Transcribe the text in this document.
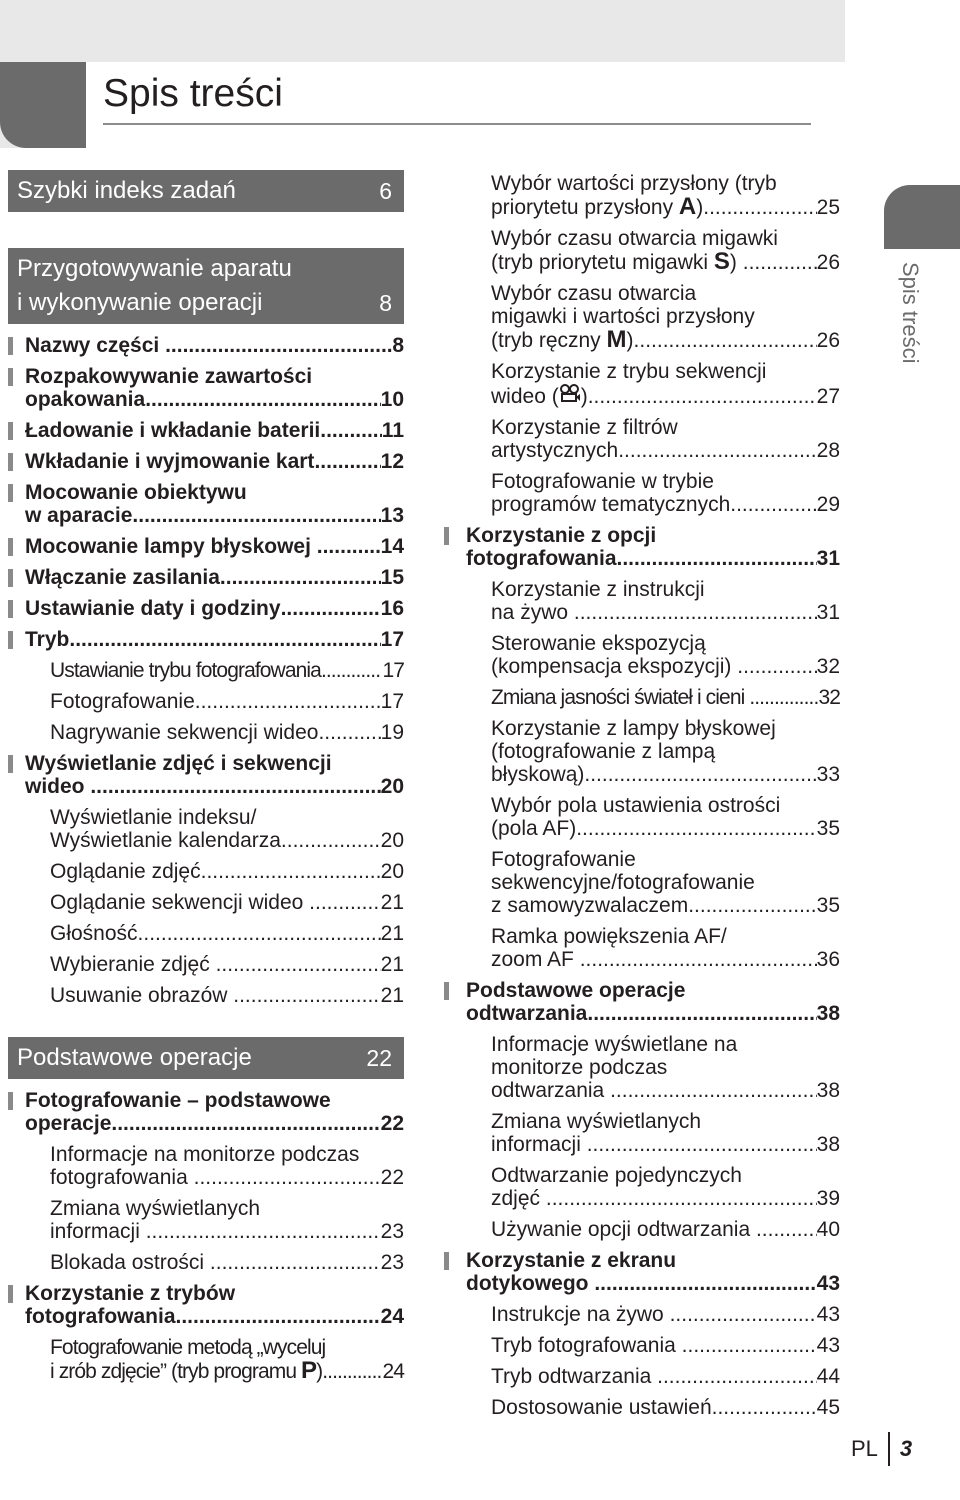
Spis treści
Szybki indeks zadań	6
Przygotowywanie aparatu
i wykonywanie operacji	8
Nazwy części .....	8
Rozpakowywanie zawartości
opakowania .....	10
Ładowanie i wkładanie baterii .....	11
Wkładanie i wyjmowanie kart .....	12
Mocowanie obiektywu
w aparacie .....	13
Mocowanie lampy błyskowej .....	14
Włączanie zasilania .....	15
Ustawianie daty i godziny .....	16
Tryb .....	17
Ustawianie trybu fotografowania .....	17
Fotografowanie .....	17
Nagrywanie sekwencji wideo .....	19
Wyświetlanie zdjęć i sekwencji
wideo .....	20
Wyświetlanie indeksu/
Wyświetlanie kalendarza .....	20
Oglądanie zdjęć .....	20
Oglądanie sekwencji wideo .....	21
Głośność .....	21
Wybieranie zdjęć .....	21
Usuwanie obrazów .....	21
Podstawowe operacje	22
Fotografowanie – podstawowe
operacje .....	22
Informacje na monitorze podczas
fotografowania .....	22
Zmiana wyświetlanych
informacji .....	23
Blokada ostrości .....	23
Korzystanie z trybów
fotografowania .....	24
Fotografowanie metodą „wyceluj
i zrób zdjęcie” (tryb programu P ) .....	24
Wybór wartości przysłony (tryb
priorytetu przysłony A ) .....	25
Wybór czasu otwarcia migawki
(tryb priorytetu migawki S ) .....	26
Wybór czasu otwarcia
migawki i wartości przysłony
(tryb ręczny M ) .....	26
Korzystanie z trybu sekwencji
wideo ( ) .....	27
Korzystanie z filtrów
artystycznych .....	28
Fotografowanie w trybie
programów tematycznych .....	29
Korzystanie z opcji
fotografowania .....	31
Korzystanie z instrukcji
na żywo .....	31
Sterowanie ekspozycją
(kompensacja ekspozycji) .....	32
Zmiana jasności świateł i cieni .....	32
Korzystanie z lampy błyskowej
(fotografowanie z lampą
błyskową) .....	33
Wybór pola ustawienia ostrości
(pola AF) .....	35
Fotografowanie
sekwencyjne/fotografowanie
z samowyzwalaczem .....	35
Ramka powiększenia AF/
zoom AF .....	36
Podstawowe operacje
odtwarzania .....	38
Informacje wyświetlane na
monitorze podczas
odtwarzania .....	38
Zmiana wyświetlanych
informacji .....	38
Odtwarzanie pojedynczych
zdjęć .....	39
Używanie opcji odtwarzania .....	40
Korzystanie z ekranu
dotykowego .....	43
Instrukcje na żywo .....	43
Tryb fotografowania .....	43
Tryb odtwarzania .....	44
Dostosowanie ustawień .....	45
Spis treści
PL	3
